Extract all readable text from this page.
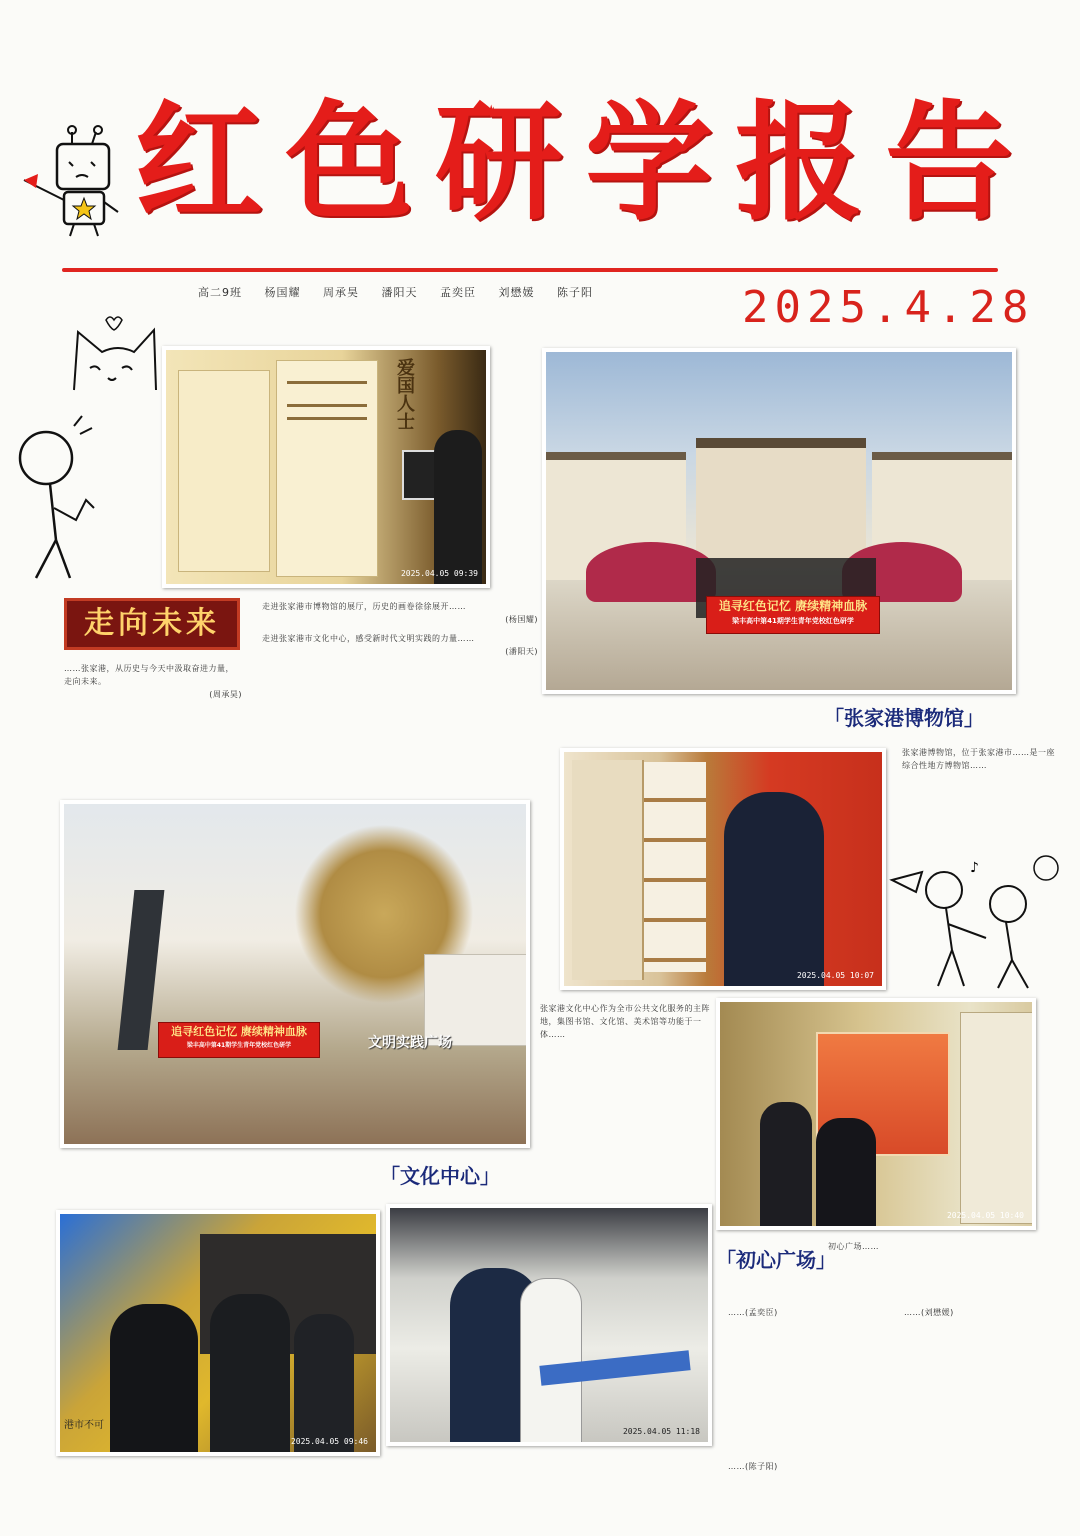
红色研学报告
高二9班 杨国耀 周承昊 潘阳天 孟奕臣 刘懋媛 陈子阳	2025.4.28
爱国人士
2025.04.05 09:39
追寻红色记忆 赓续精神血脉
梁丰高中第41期学生青年党校红色研学
走向未来
……张家港，从历史与今天中汲取奋进力量，走向未来。
(周承昊)
走进张家港市博物馆的展厅，历史的画卷徐徐展开……
(杨国耀)
走进张家港市文化中心，感受新时代文明实践的力量……
(潘阳天)
「张家港博物馆」
张家港博物馆，位于张家港市……是一座综合性地方博物馆……
追寻红色记忆 赓续精神血脉
梁丰高中第41期学生青年党校红色研学	文明实践广场
2025.04.05 10:07
♪
张家港文化中心作为全市公共文化服务的主阵地，集图书馆、文化馆、美术馆等功能于一体……
2025.04.05 10:40
「文化中心」
港市不可
2025.04.05 09:46
2025.04.05 11:18
「初心广场」
初心广场……
……(孟奕臣)	……(刘懋媛)
……(陈子阳)
